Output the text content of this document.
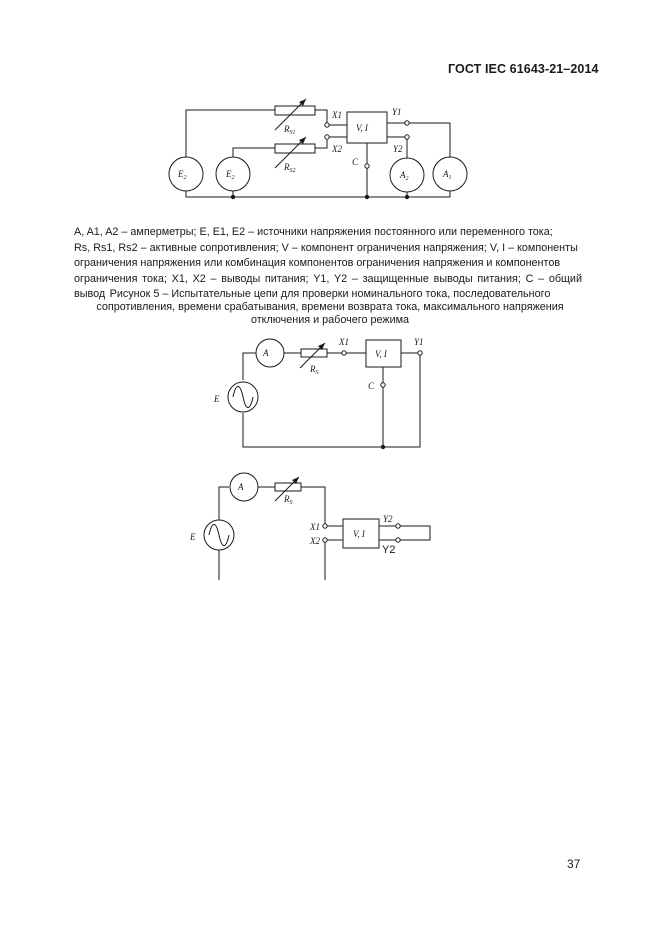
ГОСТ IEC 61643-21–2014
X1
X2
Y1
Y2
C
V, I
$R_{S1}$
$R_{S2}$
$E_2$	$E_2$	$A_2$	$A_1$
A
$R_S$
X1	Y1
V, I
C
E
A
$R_S$
X1
X2
Y2
V, I
E
Y2
A, A1, A2 – амперметры; E, E1, E2 – источники напряжения постоянного или переменного тока;
Rs, Rs1, Rs2 – активные сопротивления; V – компонент ограничения напряжения; V, I – компоненты
ограничения напряжения или комбинация компонентов ограничения напряжения и компонентов
ограничения тока; X1, X2 – выводы питания; Y1, Y2 – защищенные выводы питания; C – общий вывод Рисунок 5 – Испытательные цепи для проверки номинального тока, последовательного
сопротивления, времени срабатывания, времени возврата тока, максимального напряжения
отключения и рабочего режима
37
